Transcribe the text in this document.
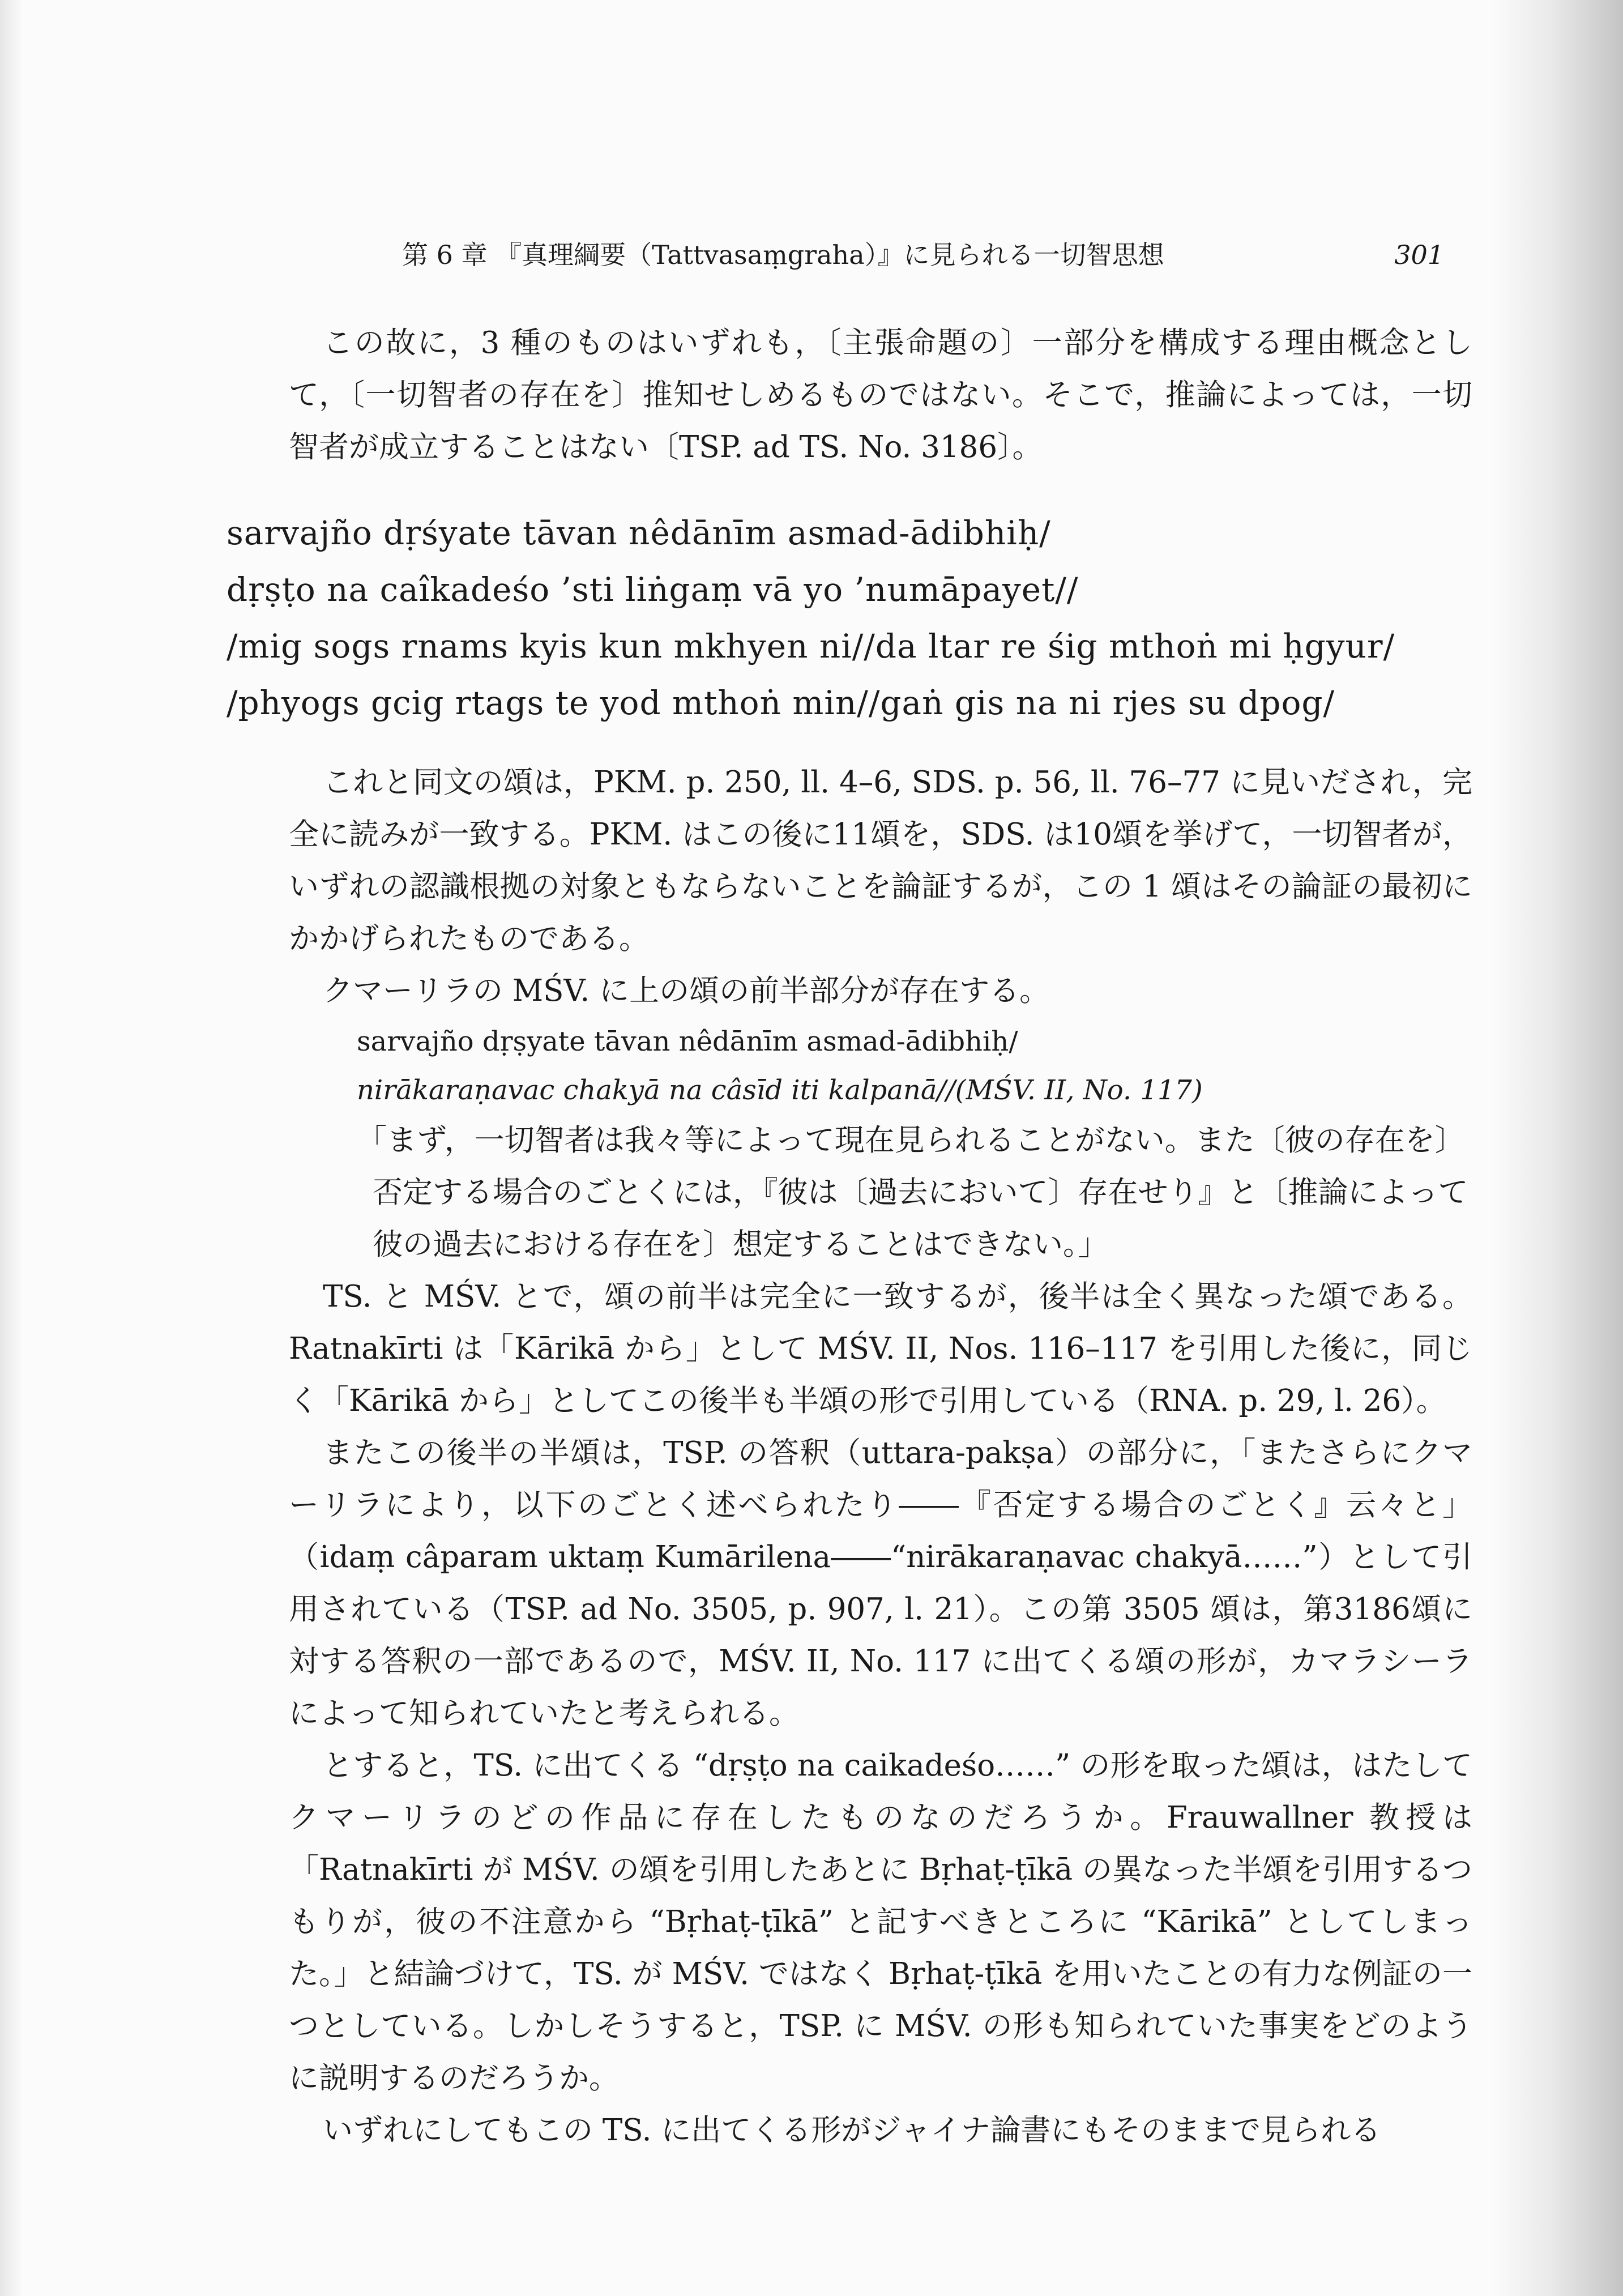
第 6 章 『真理綱要（Tattvasaṃgraha）』に見られる一切智思想	301

この故に，3 種のものはいずれも，〔主張命題の〕一部分を構成する理由概念として，〔一切智者の存在を〕推知せしめるものではない。そこで，推論によっては，一切智者が成立することはない〔TSP. ad TS. No. 3186〕。

sarvajño dṛśyate tāvan nêdānīm asmad-ādibhiḥ/

dṛṣṭo na caîkadeśo ’sti liṅgaṃ vā yo ’numāpayet//

/mig sogs rnams kyis kun mkhyen ni//da ltar re śig mthoṅ mi ḥgyur/

/phyogs gcig rtags te yod mthoṅ min//gaṅ gis na ni rjes su dpog/

これと同文の頌は，PKM. p. 250, ll. 4–6, SDS. p. 56, ll. 76–77 に見いだされ，完全に読みが一致する。PKM. はこの後に11頌を，SDS. は10頌を挙げて，一切智者が，いずれの認識根拠の対象ともならないことを論証するが，この 1 頌はその論証の最初にかかげられたものである。

クマーリラの MŚV. に上の頌の前半部分が存在する。

sarvajño dṛṣyate tāvan nêdānīm asmad-ādibhiḥ/

nirākaraṇavac chakyā na câsīd iti kalpanā//(MŚV. II, No. 117)

「まず，一切智者は我々等によって現在見られることがない。また〔彼の存在を〕否定する場合のごとくには，『彼は〔過去において〕存在せり』と〔推論によって彼の過去における存在を〕想定することはできない。」

TS. と MŚV. とで，頌の前半は完全に一致するが，後半は全く異なった頌である。Ratnakīrti は「Kārikā から」として MŚV. II, Nos. 116–117 を引用した後に，同じく「Kārikā から」としてこの後半も半頌の形で引用している（RNA. p. 29, l. 26）。

またこの後半の半頌は，TSP. の答釈（uttara-pakṣa）の部分に，「またさらにクマーリラにより，以下のごとく述べられたり――『否定する場合のごとく』云々と」（idaṃ câparam uktaṃ Kumārilena――“nirākaraṇavac chakyā……”）として引用されている（TSP. ad No. 3505, p. 907, l. 21）。この第 3505 頌は，第3186頌に対する答釈の一部であるので，MŚV. II, No. 117 に出てくる頌の形が，カマラシーラによって知られていたと考えられる。

とすると，TS. に出てくる “dṛṣṭo na caikadeśo……” の形を取った頌は，はたしてクマーリラのどの作品に存在したものなのだろうか。Frauwallner 教授は「Ratnakīrti が MŚV. の頌を引用したあとに Bṛhaṭ-ṭīkā の異なった半頌を引用するつもりが，彼の不注意から “Bṛhaṭ-ṭīkā” と記すべきところに “Kārikā” としてしまった。」と結論づけて，TS. が MŚV. ではなく Bṛhaṭ-ṭīkā を用いたことの有力な例証の一つとしている。しかしそうすると，TSP. に MŚV. の形も知られていた事実をどのように説明するのだろうか。

いずれにしてもこの TS. に出てくる形がジャイナ論書にもそのままで見られる
